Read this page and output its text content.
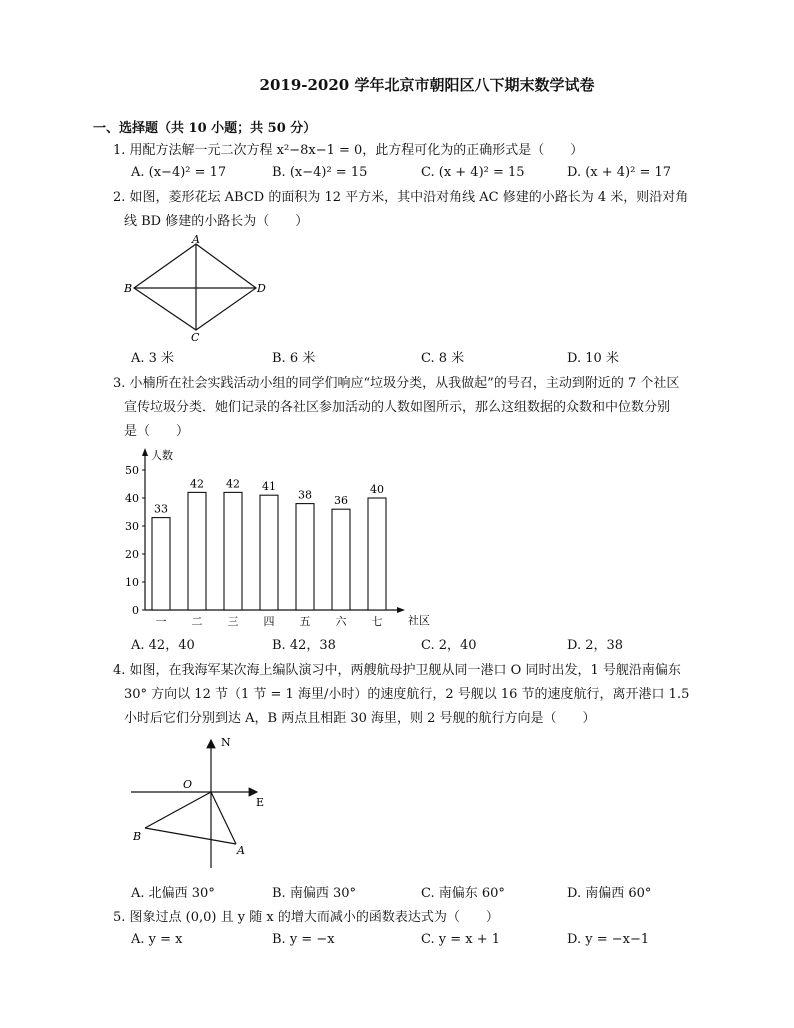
2019-2020 学年北京市朝阳区八下期末数学试卷
一、选择题（共 10 小题；共 50 分）
1. 用配方法解一元二次方程 x²−8x−1 = 0，此方程可化为的正确形式是（　　）
A. (x−4)² = 17	B. (x−4)² = 15	C. (x + 4)² = 15	D. (x + 4)² = 17
2. 如图，菱形花坛 ABCD 的面积为 12 平方米，其中沿对角线 AC 修建的小路长为 4 米，则沿对角
线 BD 修建的小路长为（　　）
A
B
C
D
A. 3 米	B. 6 米	C. 8 米	D. 10 米
3. 小楠所在社会实践活动小组的同学们响应“垃圾分类，从我做起”的号召，主动到附近的 7 个社区
宣传垃圾分类．她们记录的各社区参加活动的人数如图所示，那么这组数据的众数和中位数分别
是（　　）
人数
社区
0
10
20
30
40
50
33
一
42
二
42
三
41
四
38
五
36
六
40
七
A. 42，40	B. 42，38	C. 2，40	D. 2，38
4. 如图，在我海军某次海上编队演习中，两艘航母护卫舰从同一港口 O 同时出发，1 号舰沿南偏东
30° 方向以 12 节（1 节 = 1 海里/小时）的速度航行，2 号舰以 16 节的速度航行，离开港口 1.5
小时后它们分别到达 A，B 两点且相距 30 海里，则 2 号舰的航行方向是（　　）
N
E
O
B
A
A. 北偏西 30°	B. 南偏西 30°	C. 南偏东 60°	D. 南偏西 60°
5. 图象过点 (0,0) 且 y 随 x 的增大而减小的函数表达式为（　　）
A. y = x	B. y = −x	C. y = x + 1	D. y = −x−1
